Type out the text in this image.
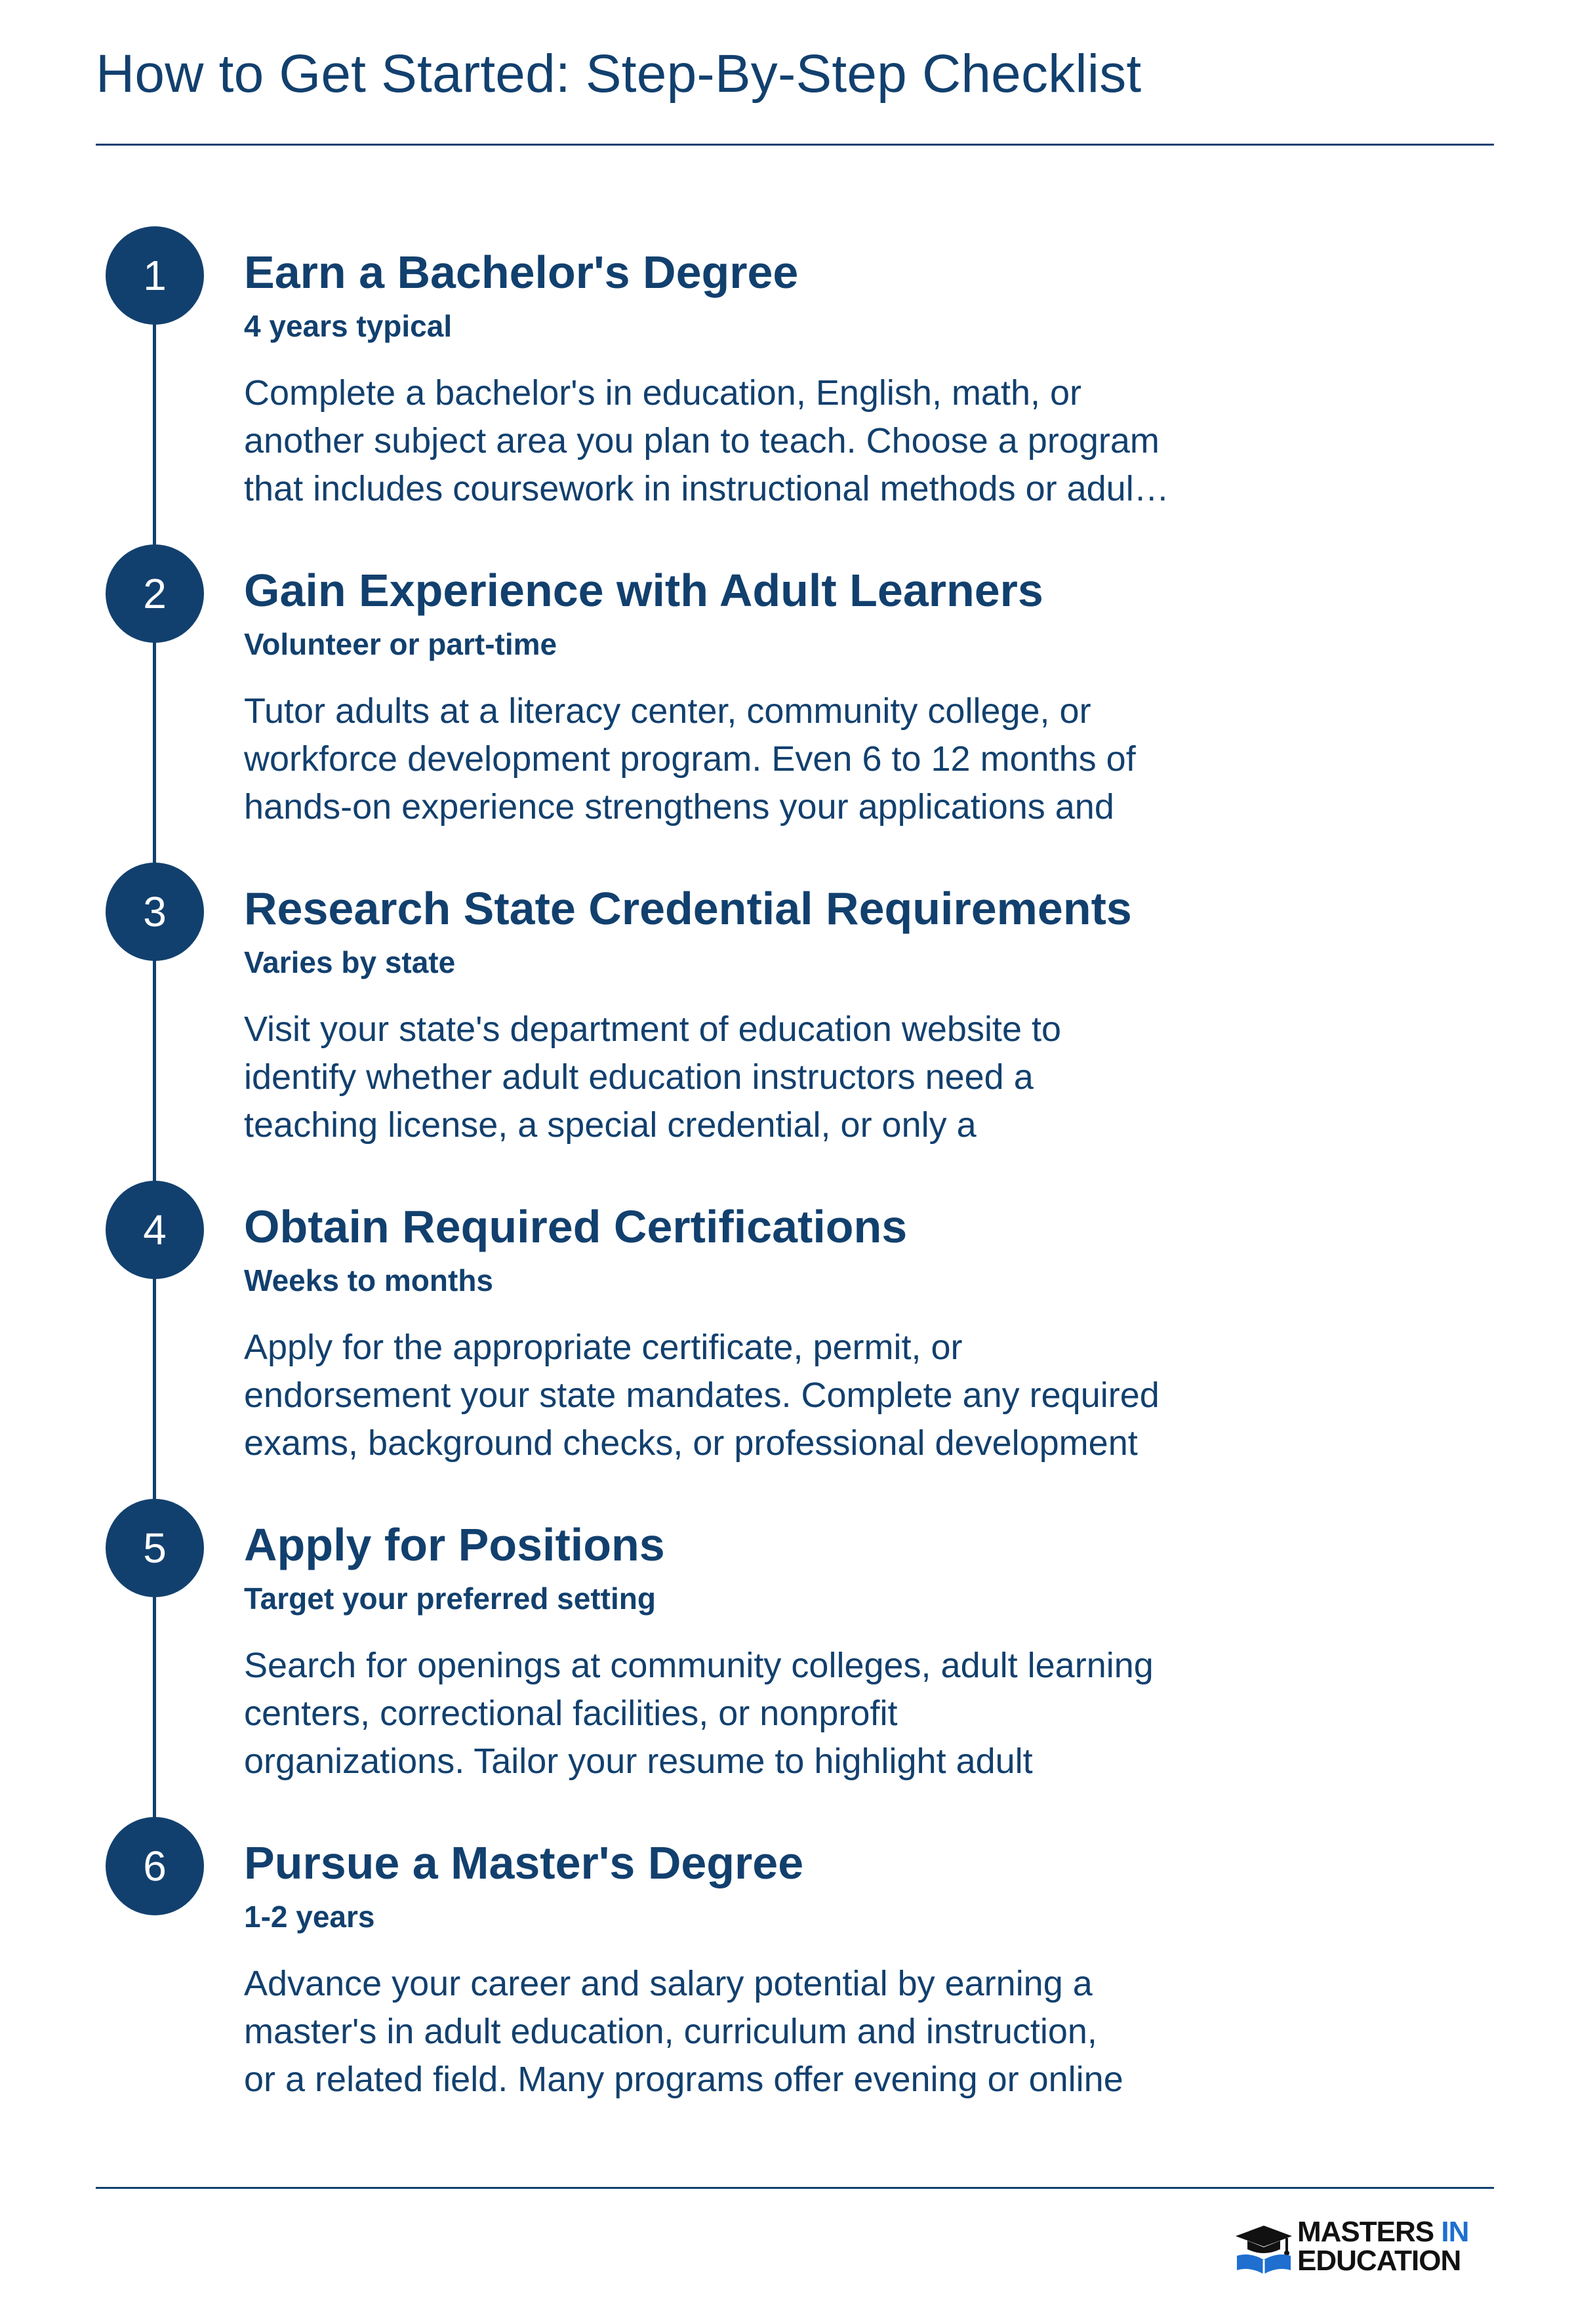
How to Get Started: Step-By-Step Checklist
1	Earn a Bachelor's Degree
4 years typical
Complete a bachelor's in education, English, math, or
another subject area you plan to teach. Choose a program
that includes coursework in instructional methods or adul…
2	Gain Experience with Adult Learners
Volunteer or part-time
Tutor adults at a literacy center, community college, or
workforce development program. Even 6 to 12 months of
hands-on experience strengthens your applications and
3	Research State Credential Requirements
Varies by state
Visit your state's department of education website to
identify whether adult education instructors need a
teaching license, a special credential, or only a
4	Obtain Required Certifications
Weeks to months
Apply for the appropriate certificate, permit, or
endorsement your state mandates. Complete any required
exams, background checks, or professional development
5	Apply for Positions
Target your preferred setting
Search for openings at community colleges, adult learning
centers, correctional facilities, or nonprofit
organizations. Tailor your resume to highlight adult
6	Pursue a Master's Degree
1-2 years
Advance your career and salary potential by earning a
master's in adult education, curriculum and instruction,
or a related field. Many programs offer evening or online
MASTERS IN
EDUCATION
